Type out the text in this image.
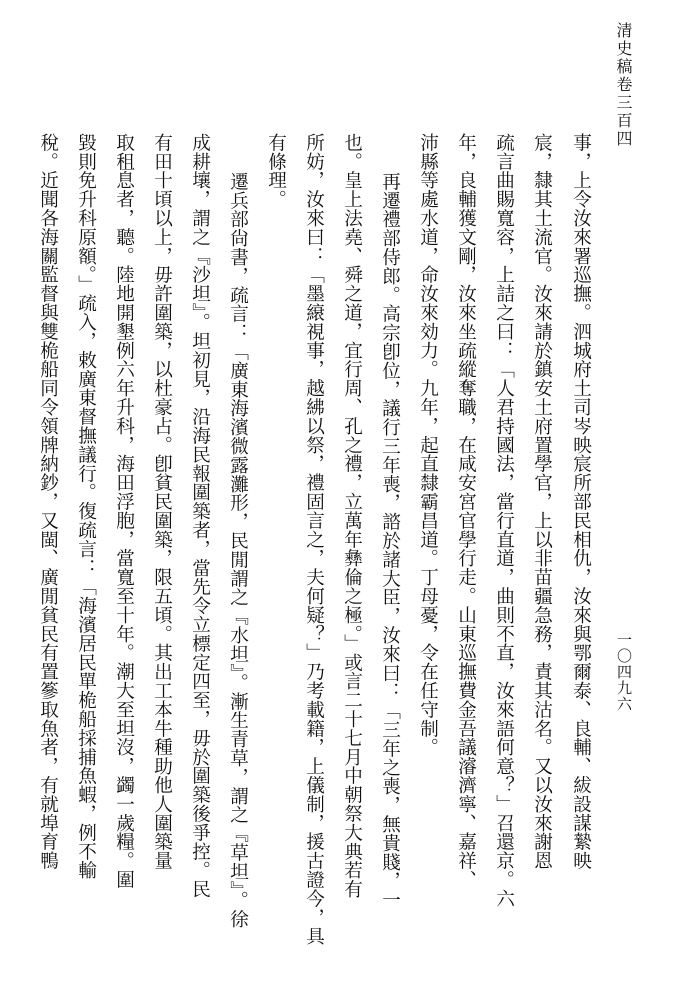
清史稿卷三百四
一〇四九六
事，上令汝來署巡撫。泗城府土司岑映宸所部民相仇，汝來與鄂爾泰、良輔、紱設謀縶映
宸，隸其土流官。汝來請於鎮安土府置學官，上以非苗疆急務，責其沽名。又以汝來謝恩
疏言曲賜寬容，上詰之曰：「人君持國法，當行直道，曲則不直，汝來語何意？」召還京。六
年，良輔獲文剛，汝來坐疏縱奪職，在咸安宮官學行走。山東巡撫費金吾議濬濟寧、嘉祥、
沛縣等處水道，命汝來効力。九年，起直隸霸昌道。丁母憂，令在任守制。
再遷禮部侍郎。高宗卽位，議行三年喪，諮於諸大臣，汝來曰：「三年之喪，無貴賤，一
也。皇上法堯、舜之道，宜行周、孔之禮，立萬年彝倫之極。」或言二十七月中朝祭大典若有
所妨，汝來曰：「墨縗視事，越紼以祭，禮固言之，夫何疑？」乃考載籍，上儀制，援古證今，具
有條理。
遷兵部尙書，疏言：「廣東海濱微露灘形，民閒謂之『水坦』。漸生青草，謂之『草坦』。徐
成耕壤，謂之『沙坦』。坦初見，沿海民報圍築者，當先令立標定四至，毋於圍築後爭控。民
有田十頃以上，毋許圍築，以杜豪占。卽貧民圍築，限五頃。其出工本牛種助他人圍築量
取租息者，聽。陸地開墾例六年升科，海田浮胞，當寬至十年。潮大至坦沒，蠲一歲糧。圍
毀則免升科原額。」疏入，敕廣東督撫議行。復疏言：「海濱居民單桅船採捕魚蝦，例不輸
稅。近聞各海關監督與雙桅船同令領牌納鈔，又閩、廣閒貧民有置篸取魚者，有就埠育鴨
